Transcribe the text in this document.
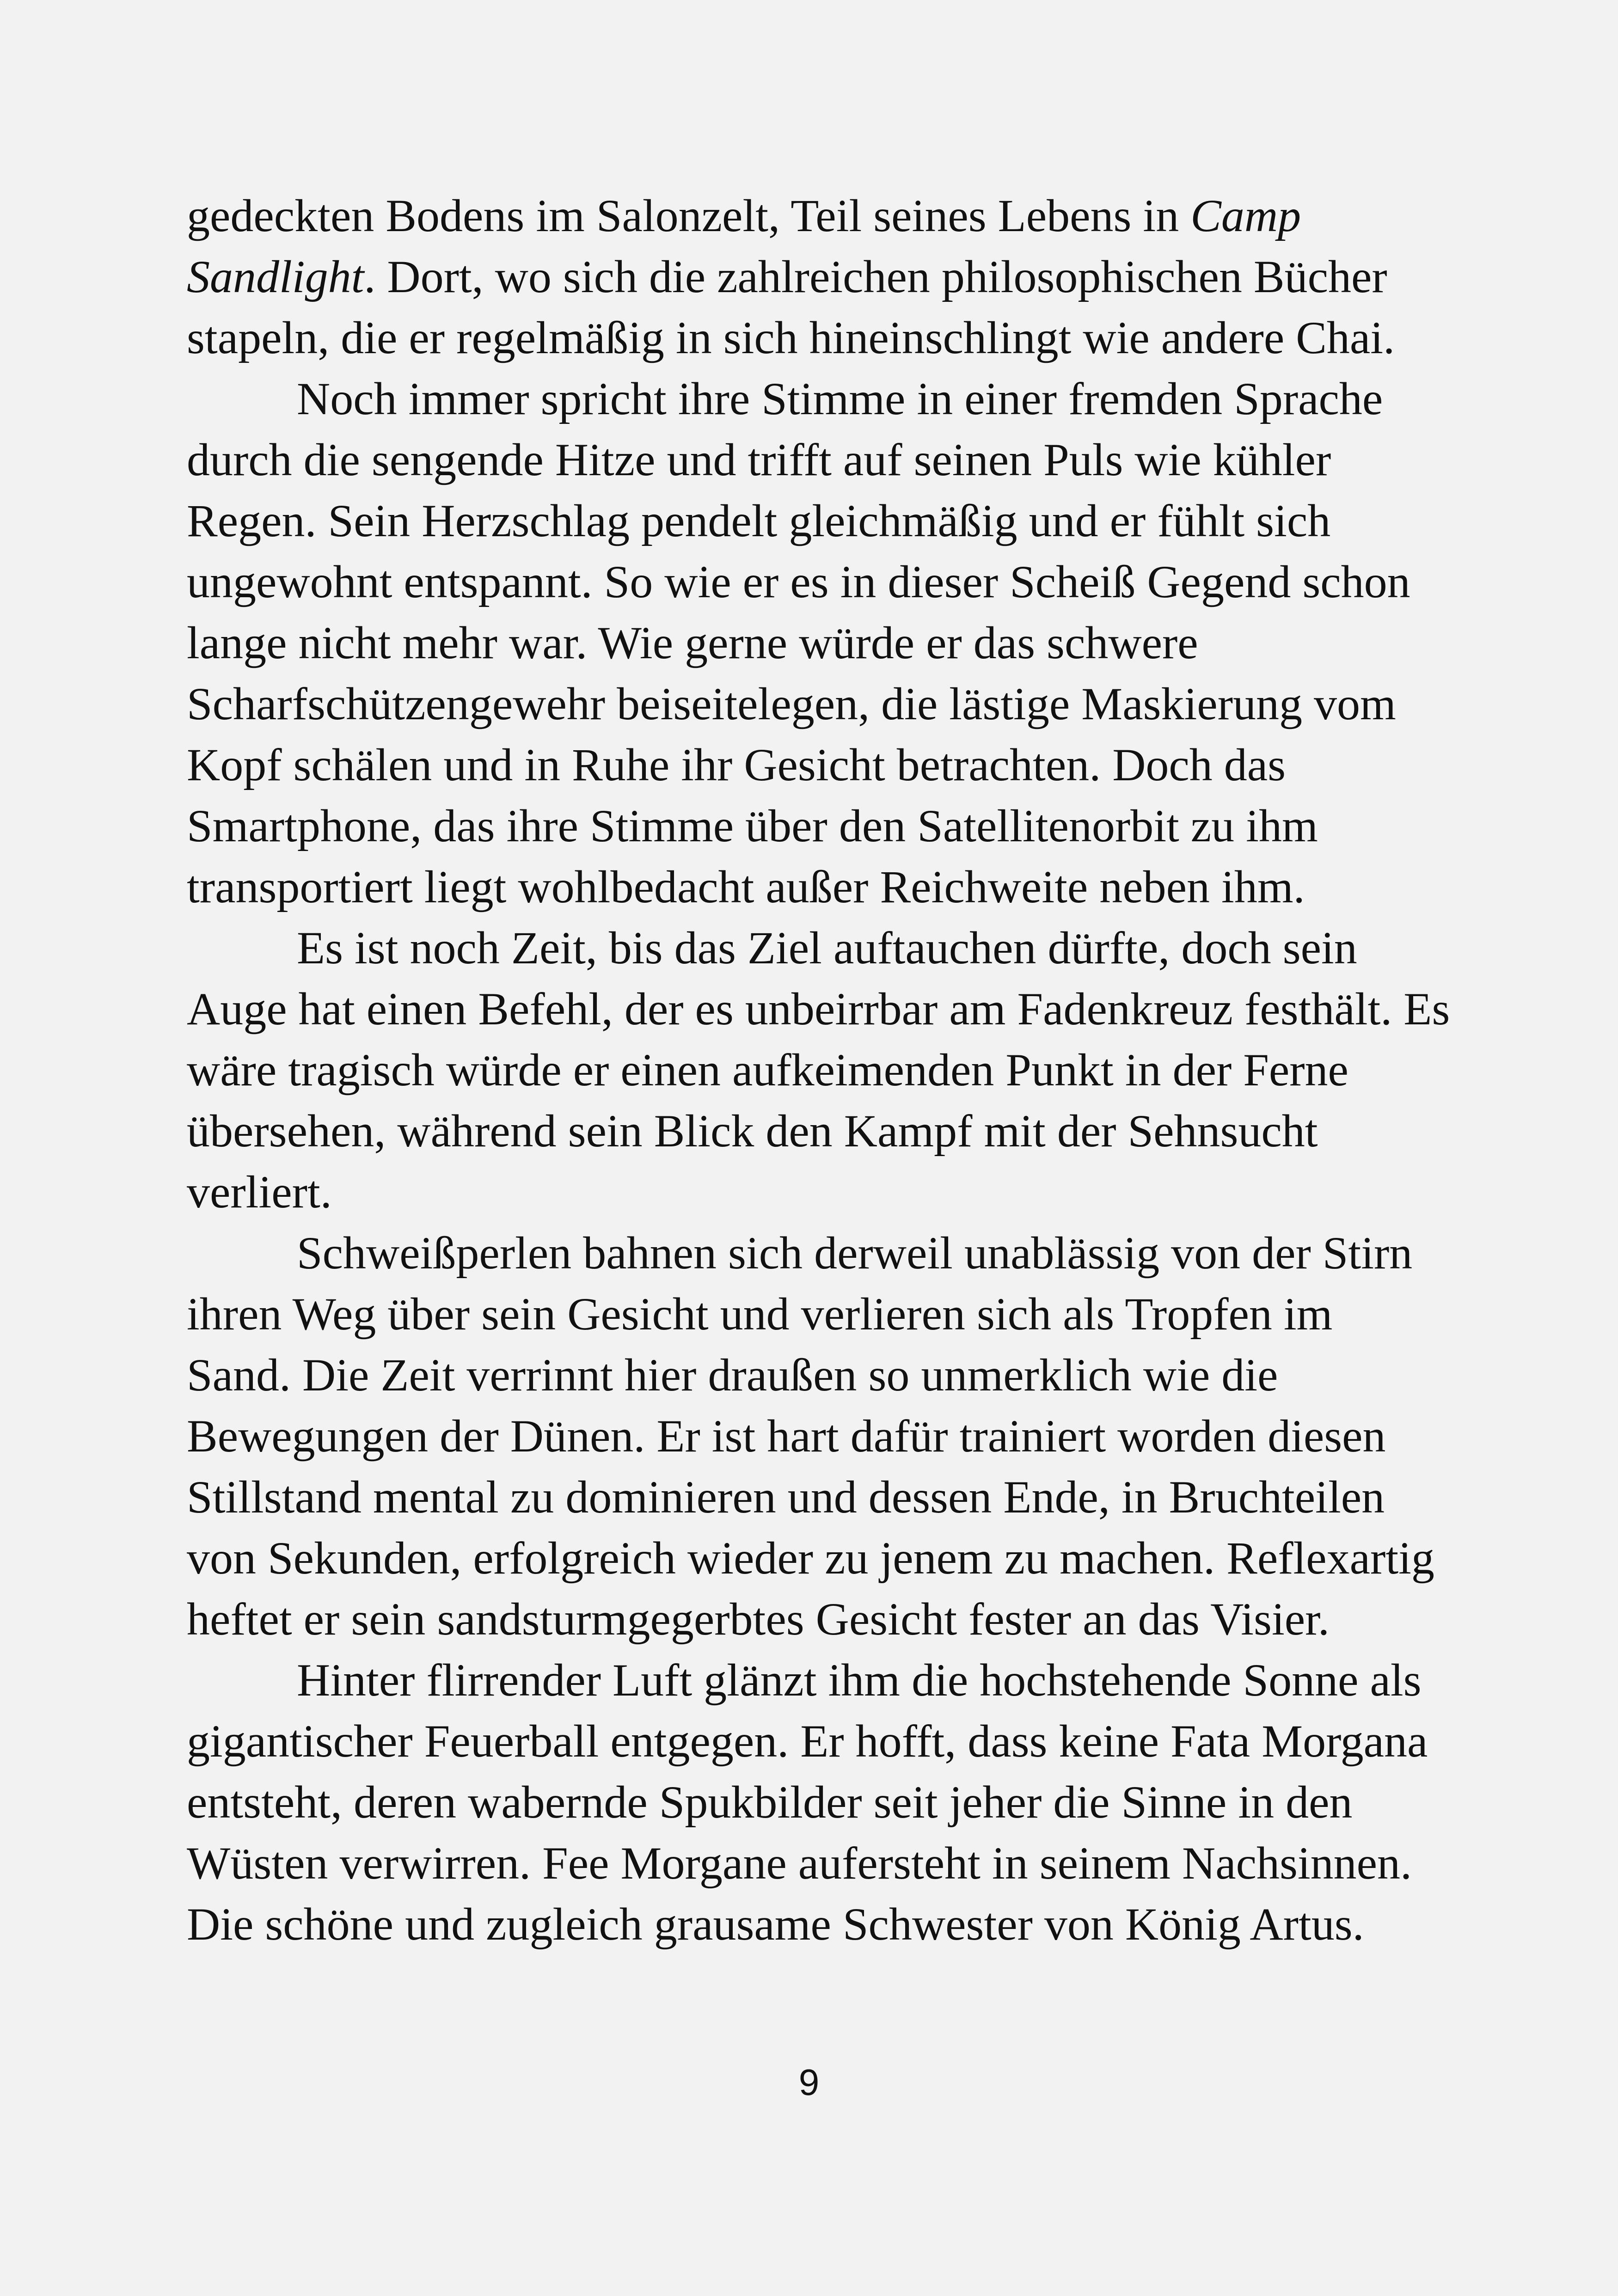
gedeckten Bodens im Salonzelt, Teil seines Lebens in Camp
Sandlight. Dort, wo sich die zahlreichen philosophischen Bücher
stapeln, die er regelmäßig in sich hineinschlingt wie andere Chai.
Noch immer spricht ihre Stimme in einer fremden Sprache
durch die sengende Hitze und trifft auf seinen Puls wie kühler
Regen. Sein Herzschlag pendelt gleichmäßig und er fühlt sich
ungewohnt entspannt. So wie er es in dieser Scheiß Gegend schon
lange nicht mehr war. Wie gerne würde er das schwere
Scharfschützengewehr beiseitelegen, die lästige Maskierung vom
Kopf schälen und in Ruhe ihr Gesicht betrachten. Doch das
Smartphone, das ihre Stimme über den Satellitenorbit zu ihm
transportiert liegt wohlbedacht außer Reichweite neben ihm.
Es ist noch Zeit, bis das Ziel auftauchen dürfte, doch sein
Auge hat einen Befehl, der es unbeirrbar am Fadenkreuz festhält. Es
wäre tragisch würde er einen aufkeimenden Punkt in der Ferne
übersehen, während sein Blick den Kampf mit der Sehnsucht
verliert.
Schweißperlen bahnen sich derweil unablässig von der Stirn
ihren Weg über sein Gesicht und verlieren sich als Tropfen im
Sand. Die Zeit verrinnt hier draußen so unmerklich wie die
Bewegungen der Dünen. Er ist hart dafür trainiert worden diesen
Stillstand mental zu dominieren und dessen Ende, in Bruchteilen
von Sekunden, erfolgreich wieder zu jenem zu machen. Reflexartig
heftet er sein sandsturmgegerbtes Gesicht fester an das Visier.
Hinter flirrender Luft glänzt ihm die hochstehende Sonne als
gigantischer Feuerball entgegen. Er hofft, dass keine Fata Morgana
entsteht, deren wabernde Spukbilder seit jeher die Sinne in den
Wüsten verwirren. Fee Morgane aufersteht in seinem Nachsinnen.
Die schöne und zugleich grausame Schwester von König Artus.
9
